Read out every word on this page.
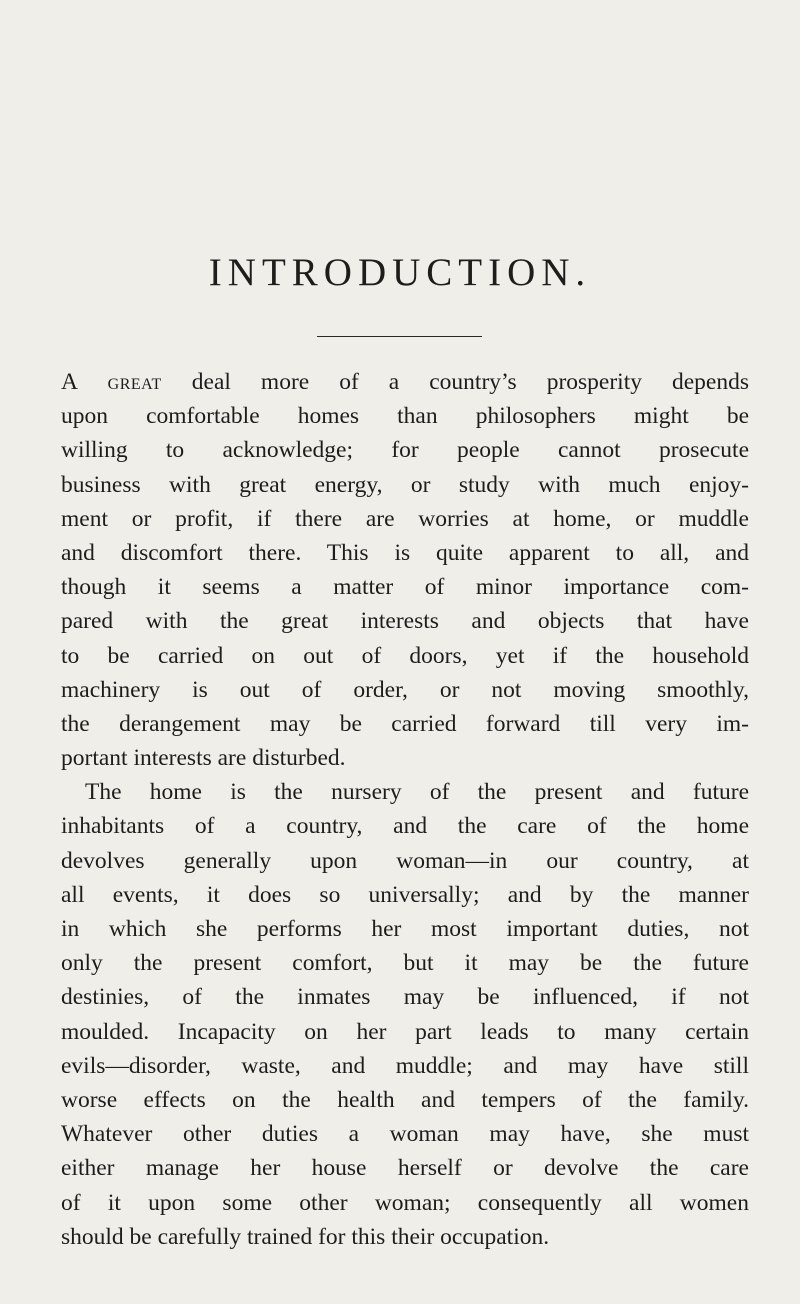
INTRODUCTION.
A great deal more of a country’s prosperity depends
upon comfortable homes than philosophers might be
willing to acknowledge; for people cannot prosecute
business with great energy, or study with much enjoy-
ment or profit, if there are worries at home, or muddle
and discomfort there. This is quite apparent to all, and
though it seems a matter of minor importance com-
pared with the great interests and objects that have
to be carried on out of doors, yet if the household
machinery is out of order, or not moving smoothly,
the derangement may be carried forward till very im-
portant interests are disturbed.
The home is the nursery of the present and future
inhabitants of a country, and the care of the home
devolves generally upon woman—in our country, at
all events, it does so universally; and by the manner
in which she performs her most important duties, not
only the present comfort, but it may be the future
destinies, of the inmates may be influenced, if not
moulded. Incapacity on her part leads to many certain
evils—disorder, waste, and muddle; and may have still
worse effects on the health and tempers of the family.
Whatever other duties a woman may have, she must
either manage her house herself or devolve the care
of it upon some other woman; consequently all women
should be carefully trained for this their occupation.
